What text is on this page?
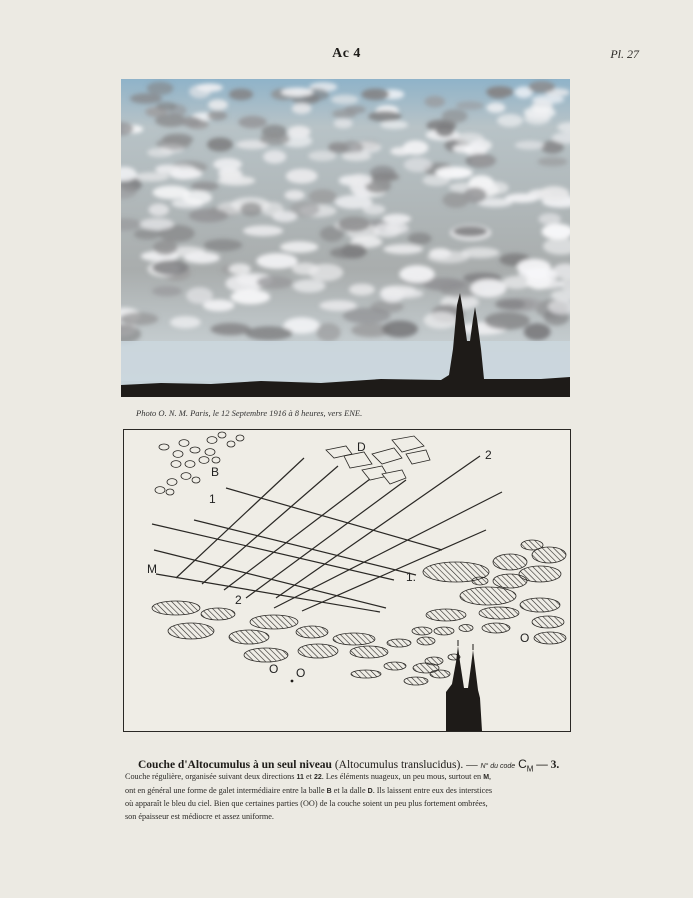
Ac 4	Pl. 27
Photo O. N. M. Paris, le 12 Septembre 1916 à 8 heures, vers ENE.
B
D
1
2
M
1.
2
O O
O
Couche d'Altocumulus à un seul niveau (Altocumulus translucidus). — N° du code $C_M$ — 3.

Couche régulière, organisée suivant deux directions 11 et 22. Les éléments nuageux, un peu mous, surtout en M,

ont en général une forme de galet intermédiaire entre la balle B et la dalle D. Ils laissent entre eux des interstices

où apparaît le bleu du ciel. Bien que certaines parties (OO) de la couche soient un peu plus fortement ombrées,

son épaisseur est médiocre et assez uniforme.
